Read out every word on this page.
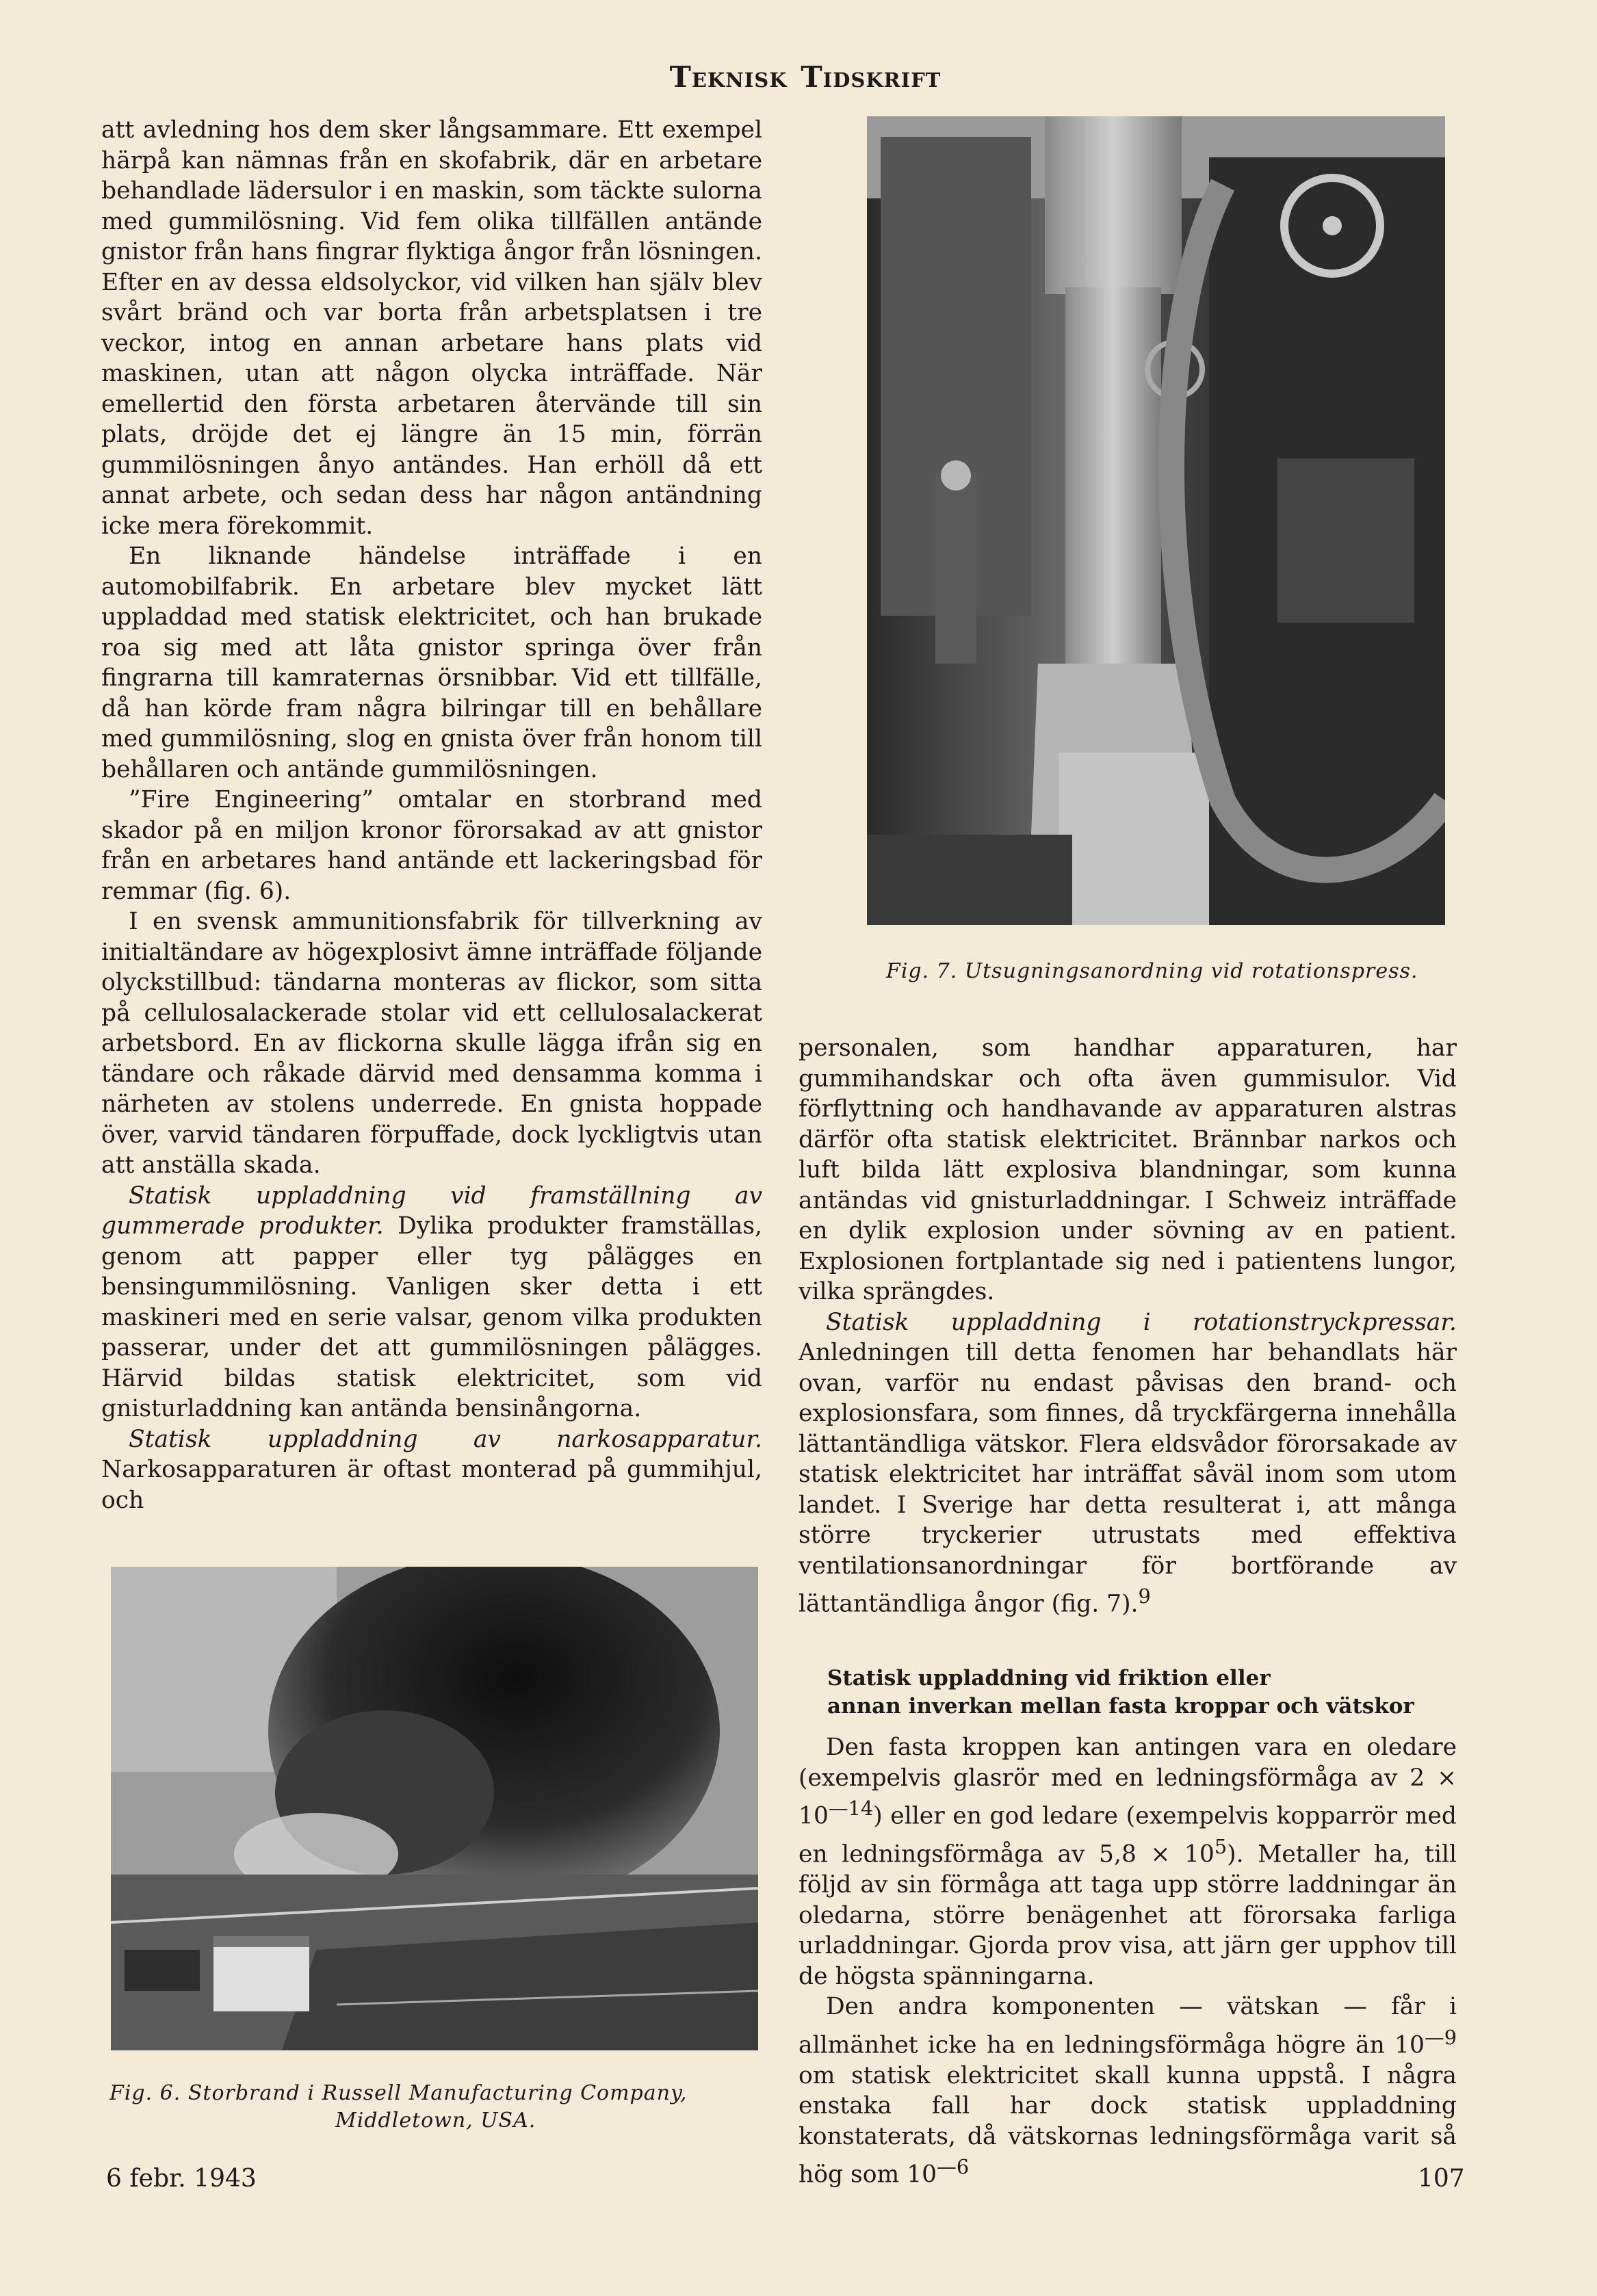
Teknisk Tidskrift

att avledning hos dem sker långsammare. Ett exempel härpå kan nämnas från en skofabrik, där en arbetare behandlade lädersulor i en maskin, som täckte sulorna med gummilösning. Vid fem olika tillfällen antände gnistor från hans fingrar flyktiga ångor från lösningen. Efter en av dessa eldsolyckor, vid vilken han själv blev svårt bränd och var borta från arbetsplatsen i tre veckor, intog en annan arbetare hans plats vid maskinen, utan att någon olycka inträffade. När emellertid den första arbetaren återvände till sin plats, dröjde det ej längre än 15 min, förrän gummilösningen ånyo antändes. Han erhöll då ett annat arbete, och sedan dess har någon antändning icke mera förekommit.

En liknande händelse inträffade i en automobilfabrik. En arbetare blev mycket lätt uppladdad med statisk elektricitet, och han brukade roa sig med att låta gnistor springa över från fingrarna till kamraternas örsnibbar. Vid ett tillfälle, då han körde fram några bilringar till en behållare med gummilösning, slog en gnista över från honom till behållaren och antände gummilösningen.

”Fire Engineering” omtalar en storbrand med skador på en miljon kronor förorsakad av att gnistor från en arbetares hand antände ett lackeringsbad för remmar (fig. 6).

I en svensk ammunitionsfabrik för tillverkning av initialtändare av högexplosivt ämne inträffade följande olyckstillbud: tändarna monteras av flickor, som sitta på cellulosalackerade stolar vid ett cellulosalackerat arbetsbord. En av flickorna skulle lägga ifrån sig en tändare och råkade därvid med densamma komma i närheten av stolens underrede. En gnista hoppade över, varvid tändaren förpuffade, dock lyckligtvis utan att anställa skada.

Statisk uppladdning vid framställning av gummerade produkter. Dylika produkter framställas, genom att papper eller tyg pålägges en bensingummilösning. Vanligen sker detta i ett maskineri med en serie valsar, genom vilka produkten passerar, under det att gummilösningen pålägges. Härvid bildas statisk elektricitet, som vid gnisturladdning kan antända bensinångorna.

Statisk uppladdning av narkosapparatur. Narkosapparaturen är oftast monterad på gummihjul, och

Fig. 7. Utsugningsanordning vid rotationspress.

personalen, som handhar apparaturen, har gummihandskar och ofta även gummisulor. Vid förflyttning och handhavande av apparaturen alstras därför ofta statisk elektricitet. Brännbar narkos och luft bilda lätt explosiva blandningar, som kunna antändas vid gnisturladdningar. I Schweiz inträffade en dylik explosion under sövning av en patient. Explosionen fortplantade sig ned i patientens lungor, vilka sprängdes.

Statisk uppladdning i rotationstryckpressar. Anledningen till detta fenomen har behandlats här ovan, varför nu endast påvisas den brand- och explosionsfara, som finnes, då tryckfärgerna innehålla lättantändliga vätskor. Flera eldsvådor förorsakade av statisk elektricitet har inträffat såväl inom som utom landet. I Sverige har detta resulterat i, att många större tryckerier utrustats med effektiva ventilationsanordningar för bortförande av lättantändliga ångor (fig. 7).$^9$

Statisk uppladdning vid friktion eller
annan inverkan mellan fasta kroppar och vätskor

Den fasta kroppen kan antingen vara en oledare (exempelvis glasrör med en ledningsförmåga av $2 \times 10^{—14}$) eller en god ledare (exempelvis kopparrör med en ledningsförmåga av $5,8 \times 10^5$). Metaller ha, till följd av sin förmåga att taga upp större laddningar än oledarna, större benägenhet att förorsaka farliga urladdningar. Gjorda prov visa, att järn ger upphov till de högsta spänningarna.

Den andra komponenten — vätskan — får i allmänhet icke ha en ledningsförmåga högre än $10^{—9}$ om statisk elektricitet skall kunna uppstå. I några enstaka fall har dock statisk uppladdning konstaterats, då vätskornas ledningsförmåga varit så hög som $10^{—6}$

Fig. 6. Storbrand i Russell Manufacturing Company,
Middletown, USA.
6 febr. 1943	107
